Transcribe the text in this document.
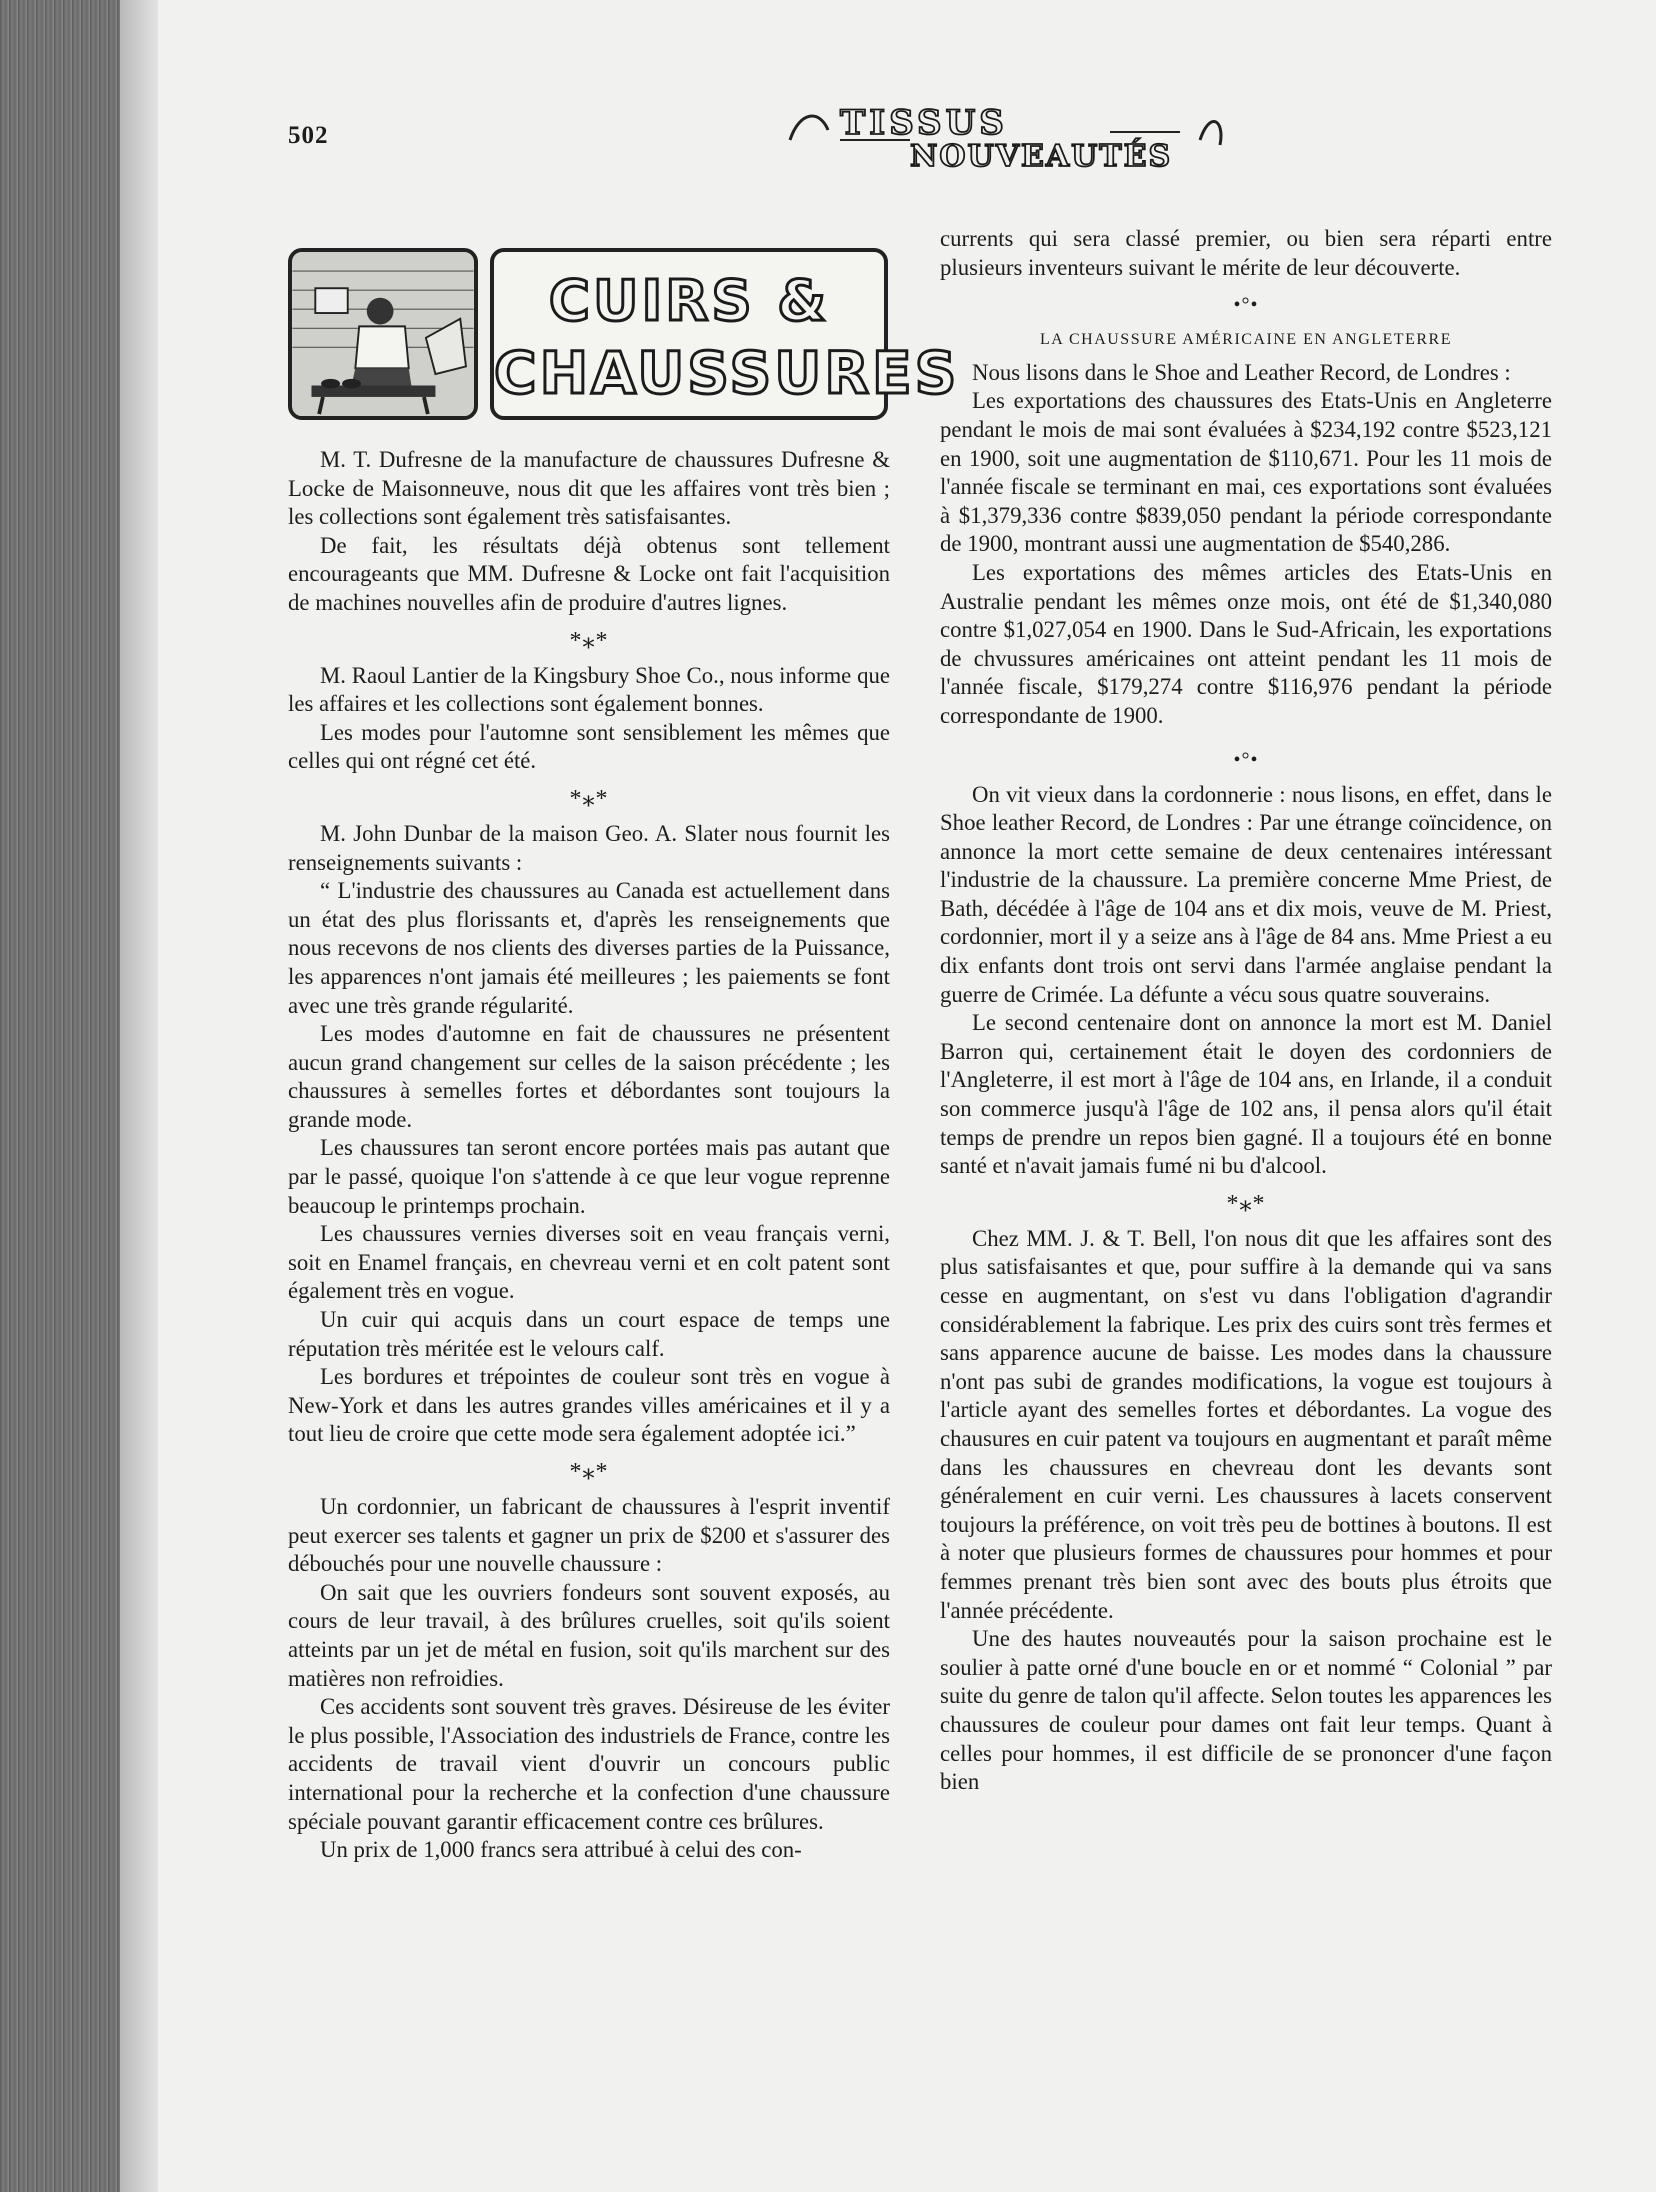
502	TISSUS
NOUVEAUTÉS
CUIRS &
CHAUSSURES

M. T. Dufresne de la manufacture de chaussures Dufresne & Locke de Maisonneuve, nous dit que les affaires vont très bien ; les collections sont également très satisfaisantes.

De fait, les résultats déjà obtenus sont tellement encourageants que MM. Dufresne & Locke ont fait l'acquisition de machines nouvelles afin de produire d'autres lignes.

*⁎*

M. Raoul Lantier de la Kingsbury Shoe Co., nous informe que les affaires et les collections sont également bonnes.

Les modes pour l'automne sont sensiblement les mêmes que celles qui ont régné cet été.

*⁎*

M. John Dunbar de la maison Geo. A. Slater nous fournit les renseignements suivants :

“ L'industrie des chaussures au Canada est actuellement dans un état des plus florissants et, d'après les renseignements que nous recevons de nos clients des diverses parties de la Puissance, les apparences n'ont jamais été meilleures ; les paiements se font avec une très grande régularité.

Les modes d'automne en fait de chaussures ne présentent aucun grand changement sur celles de la saison précédente ; les chaussures à semelles fortes et débordantes sont toujours la grande mode.

Les chaussures tan seront encore portées mais pas autant que par le passé, quoique l'on s'attende à ce que leur vogue reprenne beaucoup le printemps prochain.

Les chaussures vernies diverses soit en veau français verni, soit en Enamel français, en chevreau verni et en colt patent sont également très en vogue.

Un cuir qui acquis dans un court espace de temps une réputation très méritée est le velours calf.

Les bordures et trépointes de couleur sont très en vogue à New-York et dans les autres grandes villes américaines et il y a tout lieu de croire que cette mode sera également adoptée ici.”

*⁎*

Un cordonnier, un fabricant de chaussures à l'esprit inventif peut exercer ses talents et gagner un prix de $200 et s'assurer des débouchés pour une nouvelle chaussure :

On sait que les ouvriers fondeurs sont souvent exposés, au cours de leur travail, à des brûlures cruelles, soit qu'ils soient atteints par un jet de métal en fusion, soit qu'ils marchent sur des matières non refroidies.

Ces accidents sont souvent très graves. Désireuse de les éviter le plus possible, l'Association des industriels de France, contre les accidents de travail vient d'ouvrir un concours public international pour la recherche et la confection d'une chaussure spéciale pouvant garantir efficacement contre ces brûlures.

Un prix de 1,000 francs sera attribué à celui des con-

currents qui sera classé premier, ou bien sera réparti entre plusieurs inventeurs suivant le mérite de leur découverte.

•°•
LA CHAUSSURE AMÉRICAINE EN ANGLETERRE

Nous lisons dans le Shoe and Leather Record, de Londres :

Les exportations des chaussures des Etats-Unis en Angleterre pendant le mois de mai sont évaluées à $234,192 contre $523,121 en 1900, soit une augmentation de $110,671. Pour les 11 mois de l'année fiscale se terminant en mai, ces exportations sont évaluées à $1,379,336 contre $839,050 pendant la période correspondante de 1900, montrant aussi une augmentation de $540,286.

Les exportations des mêmes articles des Etats-Unis en Australie pendant les mêmes onze mois, ont été de $1,340,080 contre $1,027,054 en 1900. Dans le Sud-Africain, les exportations de chvussures américaines ont atteint pendant les 11 mois de l'année fiscale, $179,274 contre $116,976 pendant la période correspondante de 1900.

•°•

On vit vieux dans la cordonnerie : nous lisons, en effet, dans le Shoe leather Record, de Londres : Par une étrange coïncidence, on annonce la mort cette semaine de deux centenaires intéressant l'industrie de la chaussure. La première concerne Mme Priest, de Bath, décédée à l'âge de 104 ans et dix mois, veuve de M. Priest, cordonnier, mort il y a seize ans à l'âge de 84 ans. Mme Priest a eu dix enfants dont trois ont servi dans l'armée anglaise pendant la guerre de Crimée. La défunte a vécu sous quatre souverains.

Le second centenaire dont on annonce la mort est M. Daniel Barron qui, certainement était le doyen des cordonniers de l'Angleterre, il est mort à l'âge de 104 ans, en Irlande, il a conduit son commerce jusqu'à l'âge de 102 ans, il pensa alors qu'il était temps de prendre un repos bien gagné. Il a toujours été en bonne santé et n'avait jamais fumé ni bu d'alcool.

*⁎*

Chez MM. J. & T. Bell, l'on nous dit que les affaires sont des plus satisfaisantes et que, pour suffire à la demande qui va sans cesse en augmentant, on s'est vu dans l'obligation d'agrandir considérablement la fabrique. Les prix des cuirs sont très fermes et sans apparence aucune de baisse. Les modes dans la chaussure n'ont pas subi de grandes modifications, la vogue est toujours à l'article ayant des semelles fortes et débordantes. La vogue des chausures en cuir patent va toujours en augmentant et paraît même dans les chaussures en chevreau dont les devants sont généralement en cuir verni. Les chaussures à lacets conservent toujours la préférence, on voit très peu de bottines à boutons. Il est à noter que plusieurs formes de chaussures pour hommes et pour femmes prenant très bien sont avec des bouts plus étroits que l'année précédente.

Une des hautes nouveautés pour la saison prochaine est le soulier à patte orné d'une boucle en or et nommé “ Colonial ” par suite du genre de talon qu'il affecte. Selon toutes les apparences les chaussures de couleur pour dames ont fait leur temps. Quant à celles pour hommes, il est difficile de se prononcer d'une façon bien
